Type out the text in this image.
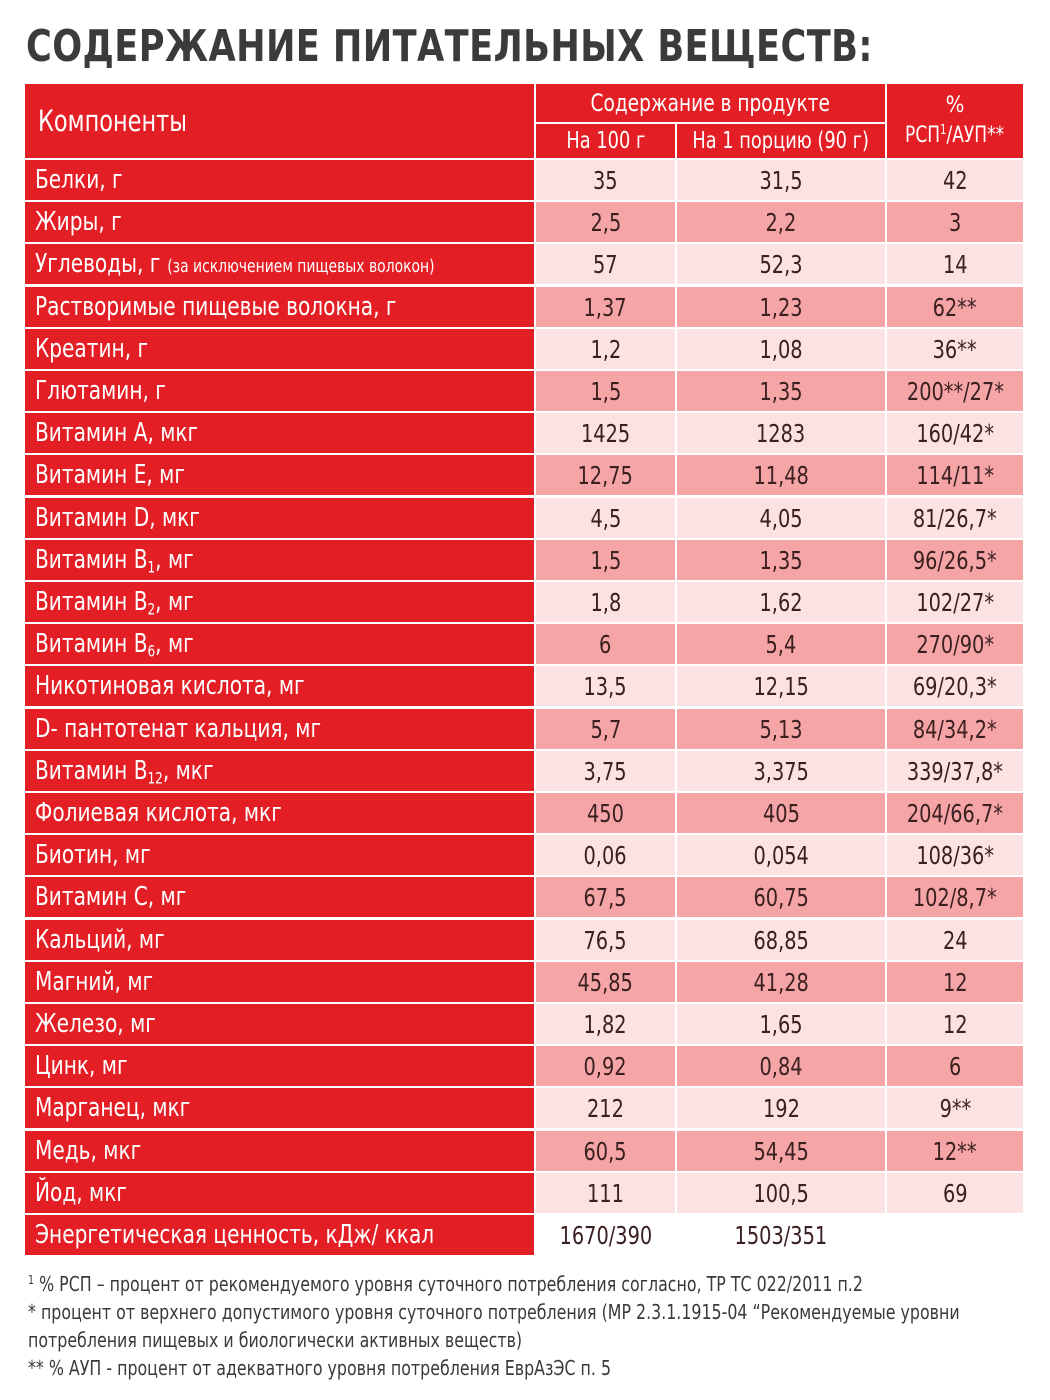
СОДЕРЖАНИЕ ПИТАТЕЛЬНЫХ ВЕЩЕСТВ:
Компоненты
Содержание в продукте
На 100 г На 1 порцию (90 г)
%
РСП$^1$/АУП**
Белки, г	35	31,5	42
Жиры, г	2,5	2,2	3
Углеводы, г (за исключением пищевых волокон)	57	52,3	14
Растворимые пищевые волокна, г	1,37	1,23	62**
Креатин, г	1,2	1,08	36**
Глютамин, г	1,5	1,35	200**/27*
Витамин А, мкг	1425	1283	160/42*
Витамин Е, мг	12,75	11,48	114/11*
Витамин D, мкг	4,5	4,05	81/26,7*
Витамин $В_1$, мг	1,5	1,35	96/26,5*
Витамин $В_2$, мг	1,8	1,62	102/27*
Витамин $В_6$, мг	6	5,4	270/90*
Никотиновая кислота, мг	13,5	12,15	69/20,3*
D- пантотенат кальция, мг	5,7	5,13	84/34,2*
Витамин $В_{12}$, мкг	3,75	3,375	339/37,8*
Фолиевая кислота, мкг	450	405	204/66,7*
Биотин, мг	0,06	0,054	108/36*
Витамин С, мг	67,5	60,75	102/8,7*
Кальций, мг	76,5	68,85	24
Магний, мг	45,85	41,28	12
Железо, мг	1,82	1,65	12
Цинк, мг	0,92	0,84	6
Марганец, мкг	212	192	9**
Медь, мкг	60,5	54,45	12**
Йод, мкг	111	100,5	69
Энергетическая ценность, кДж/ ккал	1670/390	1503/351
$^1$ % РСП – процент от рекомендуемого уровня суточного потребления согласно, ТР ТС 022/2011 п.2
* процент от верхнего допустимого уровня суточного потребления (МР 2.3.1.1915-04 “Рекомендуемые уровни
потребления пищевых и биологически активных веществ)
** % АУП - процент от адекватного уровня потребления ЕврАзЭС п. 5
